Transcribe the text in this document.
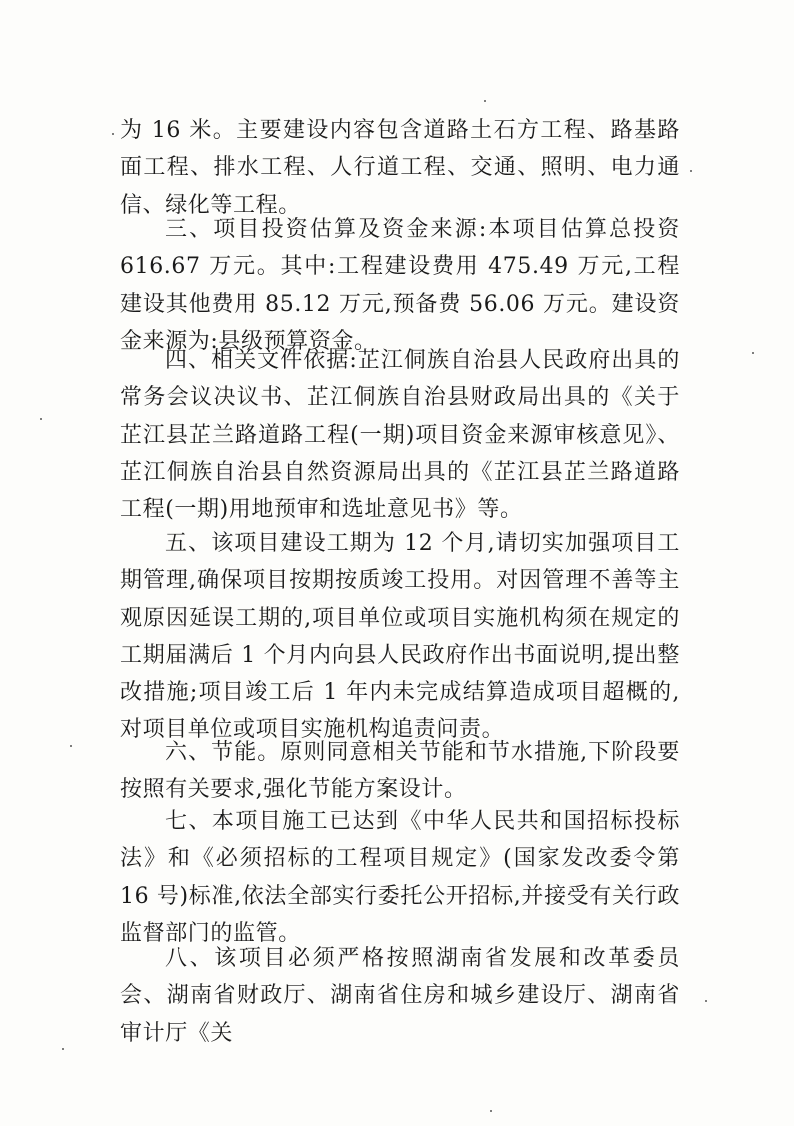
为 16 米。主要建设内容包含道路土石方工程、路基路面工程、排水工程、人行道工程、交通、照明、电力通信、绿化等工程。

三、项目投资估算及资金来源:本项目估算总投资 616.67 万元。其中:工程建设费用 475.49 万元,工程建设其他费用 85.12 万元,预备费 56.06 万元。建设资金来源为:县级预算资金。

四、相关文件依据:芷江侗族自治县人民政府出具的常务会议决议书、芷江侗族自治县财政局出具的《关于芷江县芷兰路道路工程(一期)项目资金来源审核意见》、芷江侗族自治县自然资源局出具的《芷江县芷兰路道路工程(一期)用地预审和选址意见书》等。

五、该项目建设工期为 12 个月,请切实加强项目工期管理,确保项目按期按质竣工投用。对因管理不善等主观原因延误工期的,项目单位或项目实施机构须在规定的工期届满后 1 个月内向县人民政府作出书面说明,提出整改措施;项目竣工后 1 年内未完成结算造成项目超概的,对项目单位或项目实施机构追责问责。

六、节能。原则同意相关节能和节水措施,下阶段要按照有关要求,强化节能方案设计。

七、本项目施工已达到《中华人民共和国招标投标法》和《必须招标的工程项目规定》(国家发改委令第 16 号)标准,依法全部实行委托公开招标,并接受有关行政监督部门的监管。

八、该项目必须严格按照湖南省发展和改革委员会、湖南省财政厅、湖南省住房和城乡建设厅、湖南省审计厅《关
